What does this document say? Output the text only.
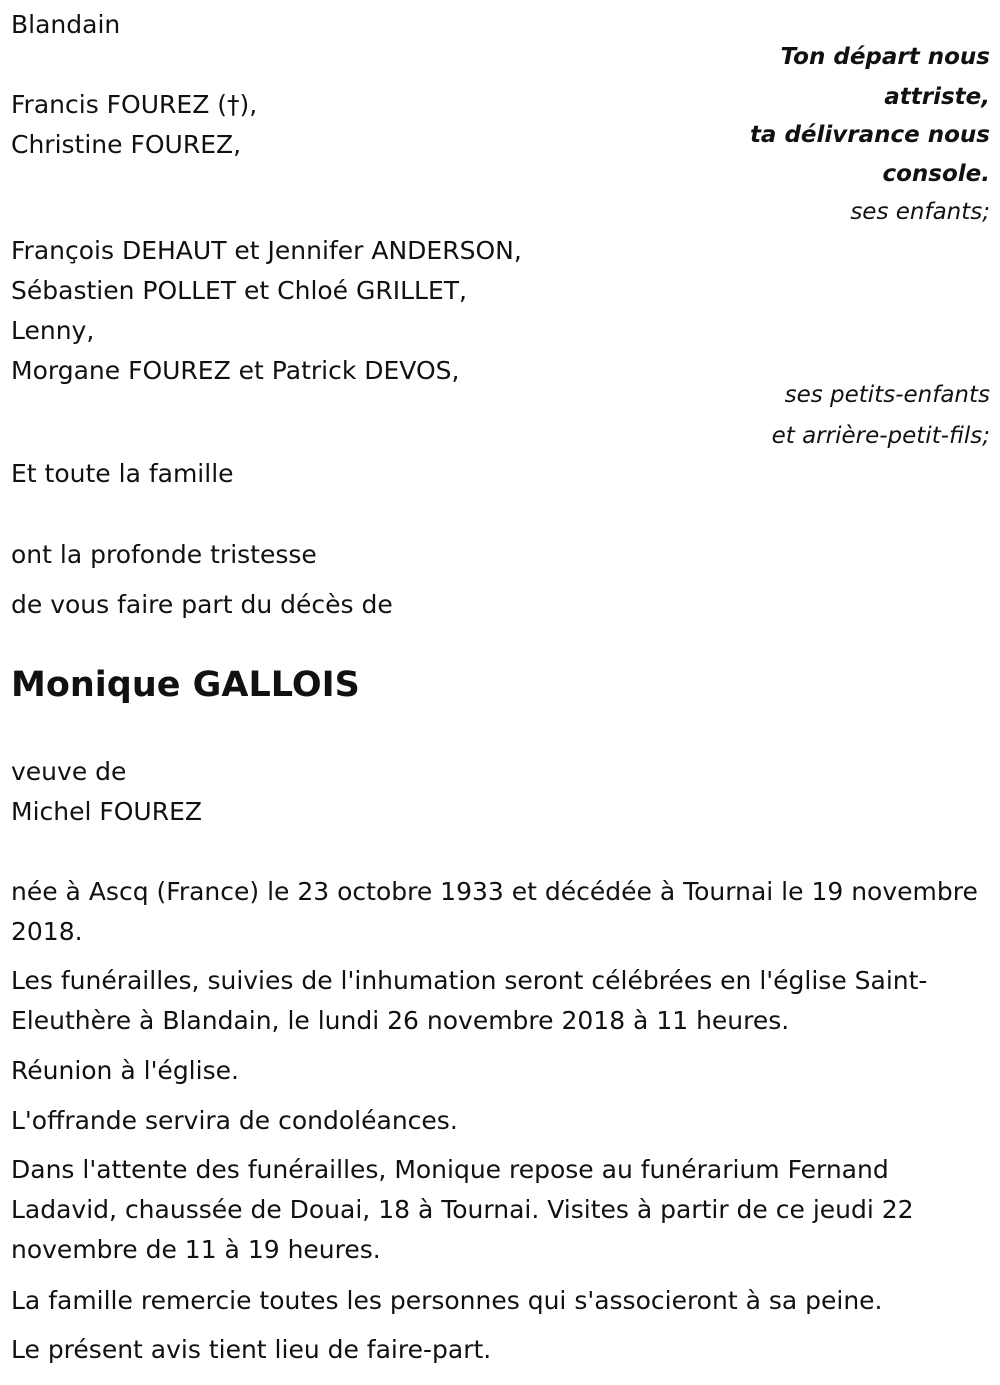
Blandain
Ton départ nous
attriste,
ta délivrance nous
console.
Francis FOUREZ (†),
Christine FOUREZ,
ses enfants;
François DEHAUT et Jennifer ANDERSON,
Sébastien POLLET et Chloé GRILLET,
Lenny,
Morgane FOUREZ et Patrick DEVOS,
ses petits-enfants
et arrière-petit-fils;
Et toute la famille
ont la profonde tristesse
de vous faire part du décès de
Monique GALLOIS
veuve de
Michel FOUREZ
née à Ascq (France) le 23 octobre 1933 et décédée à Tournai le 19 novembre 2018.
Les funérailles, suivies de l'inhumation seront célébrées en l'église Saint-Eleuthère à Blandain, le lundi 26 novembre 2018 à 11 heures.
Réunion à l'église.
L'offrande servira de condoléances.
Dans l'attente des funérailles, Monique repose au funérarium Fernand Ladavid, chaussée de Douai, 18 à Tournai. Visites à partir de ce jeudi 22 novembre de 11 à 19 heures.
La famille remercie toutes les personnes qui s'associeront à sa peine.
Le présent avis tient lieu de faire-part.
